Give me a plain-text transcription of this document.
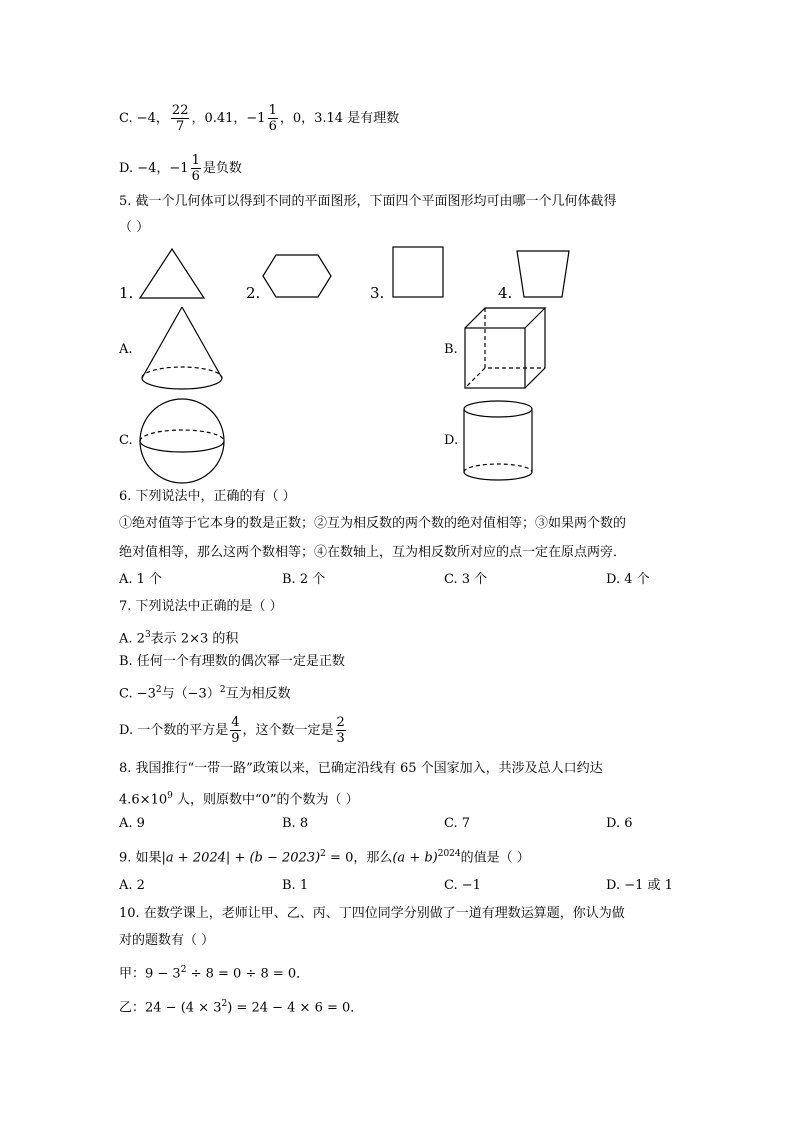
C. −4， $\frac{22}{7}$ ，0.41，$-1 \frac{1}{6}$ ，0，3.14 是有理数
D. −4，$-1 \frac{1}{6}$ 是负数
5. 截一个几何体可以得到不同的平面图形，下面四个平面图形均可由哪一个几何体截得
（ ）
1.	2.	3.	4.
A.	B.
C.	D.
6. 下列说法中，正确的有（ ）
①绝对值等于它本身的数是正数；②互为相反数的两个数的绝对值相等；③如果两个数的
绝对值相等，那么这两个数相等；④在数轴上，互为相反数所对应的点一定在原点两旁．
A. 1 个	B. 2 个	C. 3 个	D. 4 个
7. 下列说法中正确的是（ ）
A. $2^3$表示 2×3 的积
B. 任何一个有理数的偶次幂一定是正数
C. $-3^2$与$(-3)^2$互为相反数
D. 一个数的平方是 $\frac{4}{9}$ ，这个数一定是 $\frac{2}{3}$
8. 我国推行“一带一路”政策以来，已确定沿线有 65 个国家加入，共涉及总人口约达
$4.6\times 10^9$ 人，则原数中“0”的个数为（ ）
A. 9	B. 8	C. 7	D. 6
9. 如果$|a + 2024| + (b - 2023)^2 = 0$，那么$(a + b)^{2024}$的值是（ ）
A. 2	B. 1	C. −1	D. −1 或 1
10. 在数学课上，老师让甲、乙、丙、丁四位同学分别做了一道有理数运算题，你认为做
对的题数有（ ）
甲：$9 - 3^2 \div 8 = 0 \div 8 = 0$．
乙：$24 - (4 \times 3^2) = 24 - 4 \times 6 = 0$．
